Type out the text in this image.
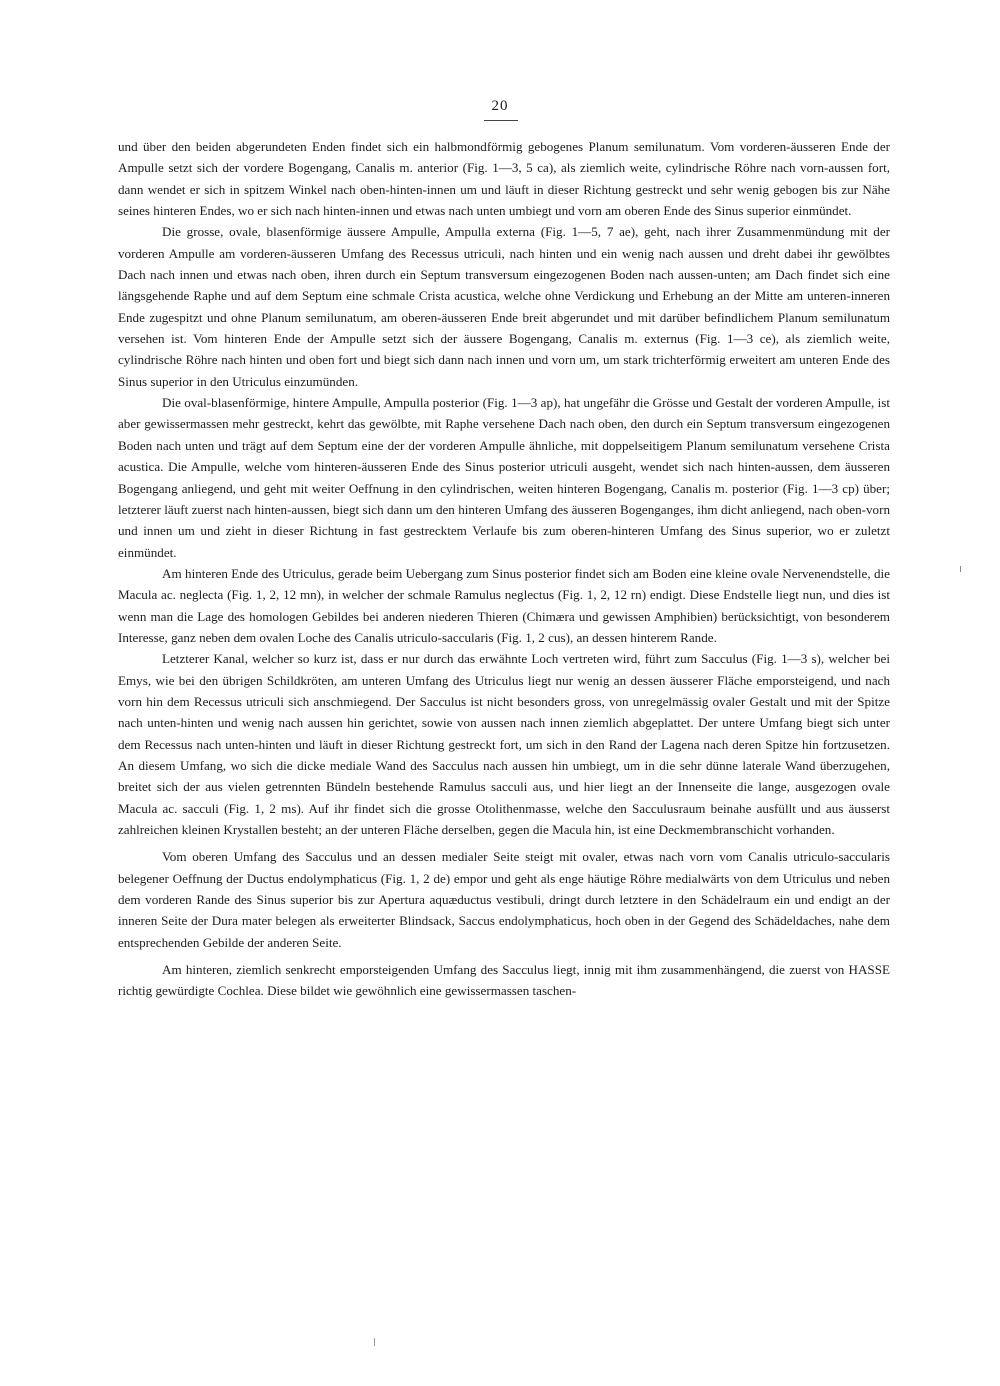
20

und über den beiden abgerundeten Enden findet sich ein halbmondförmig gebogenes Planum semilunatum. Vom vorderen-äusseren Ende der Ampulle setzt sich der vordere Bogengang, Canalis m. anterior (Fig. 1—3, 5 ca), als ziemlich weite, cylindrische Röhre nach vorn-aussen fort, dann wendet er sich in spitzem Winkel nach oben-hinten-innen um und läuft in dieser Richtung gestreckt und sehr wenig gebogen bis zur Nähe seines hinteren Endes, wo er sich nach hinten-innen und etwas nach unten umbiegt und vorn am oberen Ende des Sinus superior einmündet.

Die grosse, ovale, blasenförmige äussere Ampulle, Ampulla externa (Fig. 1—5, 7 ae), geht, nach ihrer Zusammenmündung mit der vorderen Ampulle am vorderen-äusseren Umfang des Recessus utriculi, nach hinten und ein wenig nach aussen und dreht dabei ihr gewölbtes Dach nach innen und etwas nach oben, ihren durch ein Septum transversum eingezogenen Boden nach aussen-unten; am Dach findet sich eine längsgehende Raphe und auf dem Septum eine schmale Crista acustica, welche ohne Verdickung und Erhebung an der Mitte am unteren-inneren Ende zugespitzt und ohne Planum semilunatum, am oberen-äusseren Ende breit abgerundet und mit darüber befindlichem Planum semilunatum versehen ist. Vom hinteren Ende der Ampulle setzt sich der äussere Bogengang, Canalis m. externus (Fig. 1—3 ce), als ziemlich weite, cylindrische Röhre nach hinten und oben fort und biegt sich dann nach innen und vorn um, um stark trichterförmig erweitert am unteren Ende des Sinus superior in den Utriculus einzumünden.

Die oval-blasenförmige, hintere Ampulle, Ampulla posterior (Fig. 1—3 ap), hat ungefähr die Grösse und Gestalt der vorderen Ampulle, ist aber gewissermassen mehr gestreckt, kehrt das gewölbte, mit Raphe versehene Dach nach oben, den durch ein Septum transversum eingezogenen Boden nach unten und trägt auf dem Septum eine der der vorderen Ampulle ähnliche, mit doppelseitigem Planum semilunatum versehene Crista acustica. Die Ampulle, welche vom hinteren-äusseren Ende des Sinus posterior utriculi ausgeht, wendet sich nach hinten-aussen, dem äusseren Bogengang anliegend, und geht mit weiter Oeffnung in den cylindrischen, weiten hinteren Bogengang, Canalis m. posterior (Fig. 1—3 cp) über; letzterer läuft zuerst nach hinten-aussen, biegt sich dann um den hinteren Umfang des äusseren Bogenganges, ihm dicht anliegend, nach oben-vorn und innen um und zieht in dieser Richtung in fast gestrecktem Verlaufe bis zum oberen-hinteren Umfang des Sinus superior, wo er zuletzt einmündet.

Am hinteren Ende des Utriculus, gerade beim Uebergang zum Sinus posterior findet sich am Boden eine kleine ovale Nervenendstelle, die Macula ac. neglecta (Fig. 1, 2, 12 mn), in welcher der schmale Ramulus neglectus (Fig. 1, 2, 12 rn) endigt. Diese Endstelle liegt nun, und dies ist wenn man die Lage des homologen Gebildes bei anderen niederen Thieren (Chimæra und gewissen Amphibien) berücksichtigt, von besonderem Interesse, ganz neben dem ovalen Loche des Canalis utriculo-saccularis (Fig. 1, 2 cus), an dessen hinterem Rande.

Letzterer Kanal, welcher so kurz ist, dass er nur durch das erwähnte Loch vertreten wird, führt zum Sacculus (Fig. 1—3 s), welcher bei Emys, wie bei den übrigen Schildkröten, am unteren Umfang des Utriculus liegt nur wenig an dessen äusserer Fläche emporsteigend, und nach vorn hin dem Recessus utriculi sich anschmiegend. Der Sacculus ist nicht besonders gross, von unregelmässig ovaler Gestalt und mit der Spitze nach unten-hinten und wenig nach aussen hin gerichtet, sowie von aussen nach innen ziemlich abgeplattet. Der untere Umfang biegt sich unter dem Recessus nach unten-hinten und läuft in dieser Richtung gestreckt fort, um sich in den Rand der Lagena nach deren Spitze hin fortzusetzen. An diesem Umfang, wo sich die dicke mediale Wand des Sacculus nach aussen hin umbiegt, um in die sehr dünne laterale Wand überzugehen, breitet sich der aus vielen getrennten Bündeln bestehende Ramulus sacculi aus, und hier liegt an der Innenseite die lange, ausgezogen ovale Macula ac. sacculi (Fig. 1, 2 ms). Auf ihr findet sich die grosse Otolithenmasse, welche den Sacculusraum beinahe ausfüllt und aus äusserst zahlreichen kleinen Krystallen besteht; an der unteren Fläche derselben, gegen die Macula hin, ist eine Deckmembranschicht vorhanden.

Vom oberen Umfang des Sacculus und an dessen medialer Seite steigt mit ovaler, etwas nach vorn vom Canalis utriculo-saccularis belegener Oeffnung der Ductus endolymphaticus (Fig. 1, 2 de) empor und geht als enge häutige Röhre medialwärts von dem Utriculus und neben dem vorderen Rande des Sinus superior bis zur Apertura aquæductus vestibuli, dringt durch letztere in den Schädelraum ein und endigt an der inneren Seite der Dura mater belegen als erweiterter Blindsack, Saccus endolymphaticus, hoch oben in der Gegend des Schädeldaches, nahe dem entsprechenden Gebilde der anderen Seite.

Am hinteren, ziemlich senkrecht emporsteigenden Umfang des Sacculus liegt, innig mit ihm zusammenhängend, die zuerst von HASSE richtig gewürdigte Cochlea. Diese bildet wie gewöhnlich eine gewissermassen taschen-
